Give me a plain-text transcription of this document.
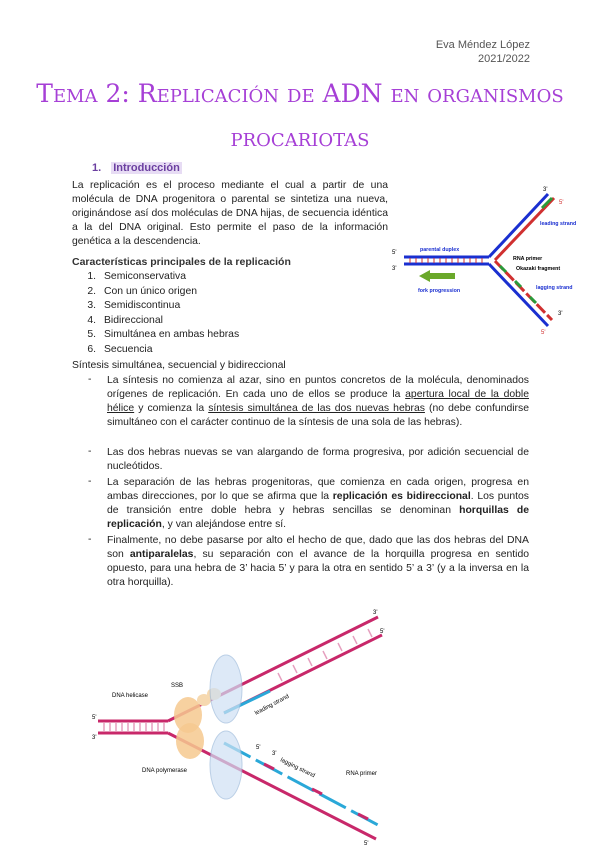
Eva Méndez López
2021/2022
Tema 2: Replicación de ADN en organismos
procariotas
1. Introducción
La replicación es el proceso mediante el cual a partir de una molécula de DNA progenitora o parental se sintetiza una nueva, originándose así dos moléculas de DNA hijas, de secuencia idéntica a la del DNA original. Esto permite el paso de la información genética a la descendencia.
Características principales de la replicación
1. Semiconservativa
2. Con un único origen
3. Semidiscontinua
4. Bidireccional
5. Simultánea en ambas hebras
6. Secuencia
Síntesis simultánea, secuencial y bidireccional
- La síntesis no comienza al azar, sino en puntos concretos de la molécula, denominados orígenes de replicación. En cada uno de ellos se produce la apertura local de la doble hélice y comienza la síntesis simultánea de las dos nuevas hebras (no debe confundirse simultáneo con el carácter continuo de la síntesis de una sola de las hebras).
- Las dos hebras nuevas se van alargando de forma progresiva, por adición secuencial de nucleótidos.
- La separación de las hebras progenitoras, que comienza en cada origen, progresa en ambas direcciones, por lo que se afirma que la replicación es bidireccional. Los puntos de transición entre doble hebra y hebras sencillas se denominan horquillas de replicación, y van alejándose entre sí.
- Finalmente, no debe pasarse por alto el hecho de que, dado que las dos hebras del DNA son antiparalelas, su separación con el avance de la horquilla progresa en sentido opuesto, para una hebra de 3’ hacia 5’ y para la otra en sentido 5’ a 3’ (y a la inversa en la otra horquilla).
3'
5'
leading strand
5'
3'
parental duplex
RNA primer
Okazaki fragment
lagging strand
fork progression
3'
5'
3'
5'
SSB
DNA helicase	leading strand
5'
3'
5'
3'
DNA polymerase	lagging strand	RNA primer
5'
